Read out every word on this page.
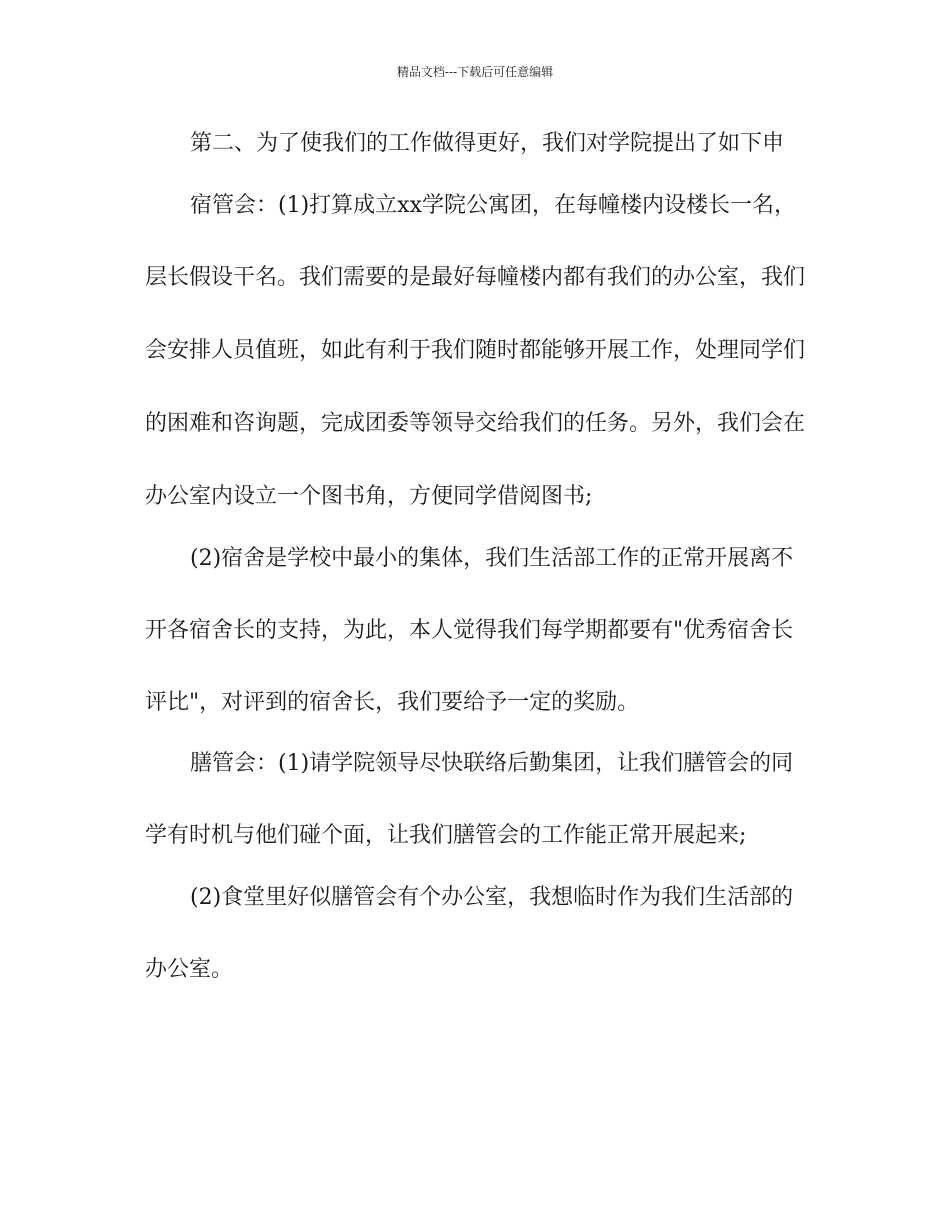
精品文档---下载后可任意编辑
第二、为了使我们的工作做得更好，我们对学院提出了如下申
宿管会：(1)打算成立xx学院公寓团，在每幢楼内设楼长一名，
层长假设干名。我们需要的是最好每幢楼内都有我们的办公室，我们
会安排人员值班，如此有利于我们随时都能够开展工作，处理同学们
的困难和咨询题，完成团委等领导交给我们的任务。另外，我们会在
办公室内设立一个图书角，方便同学借阅图书;
(2)宿舍是学校中最小的集体，我们生活部工作的正常开展离不
开各宿舍长的支持，为此，本人觉得我们每学期都要有"优秀宿舍长
评比"，对评到的宿舍长，我们要给予一定的奖励。
膳管会：(1)请学院领导尽快联络后勤集团，让我们膳管会的同
学有时机与他们碰个面，让我们膳管会的工作能正常开展起来;
(2)食堂里好似膳管会有个办公室，我想临时作为我们生活部的
办公室。
